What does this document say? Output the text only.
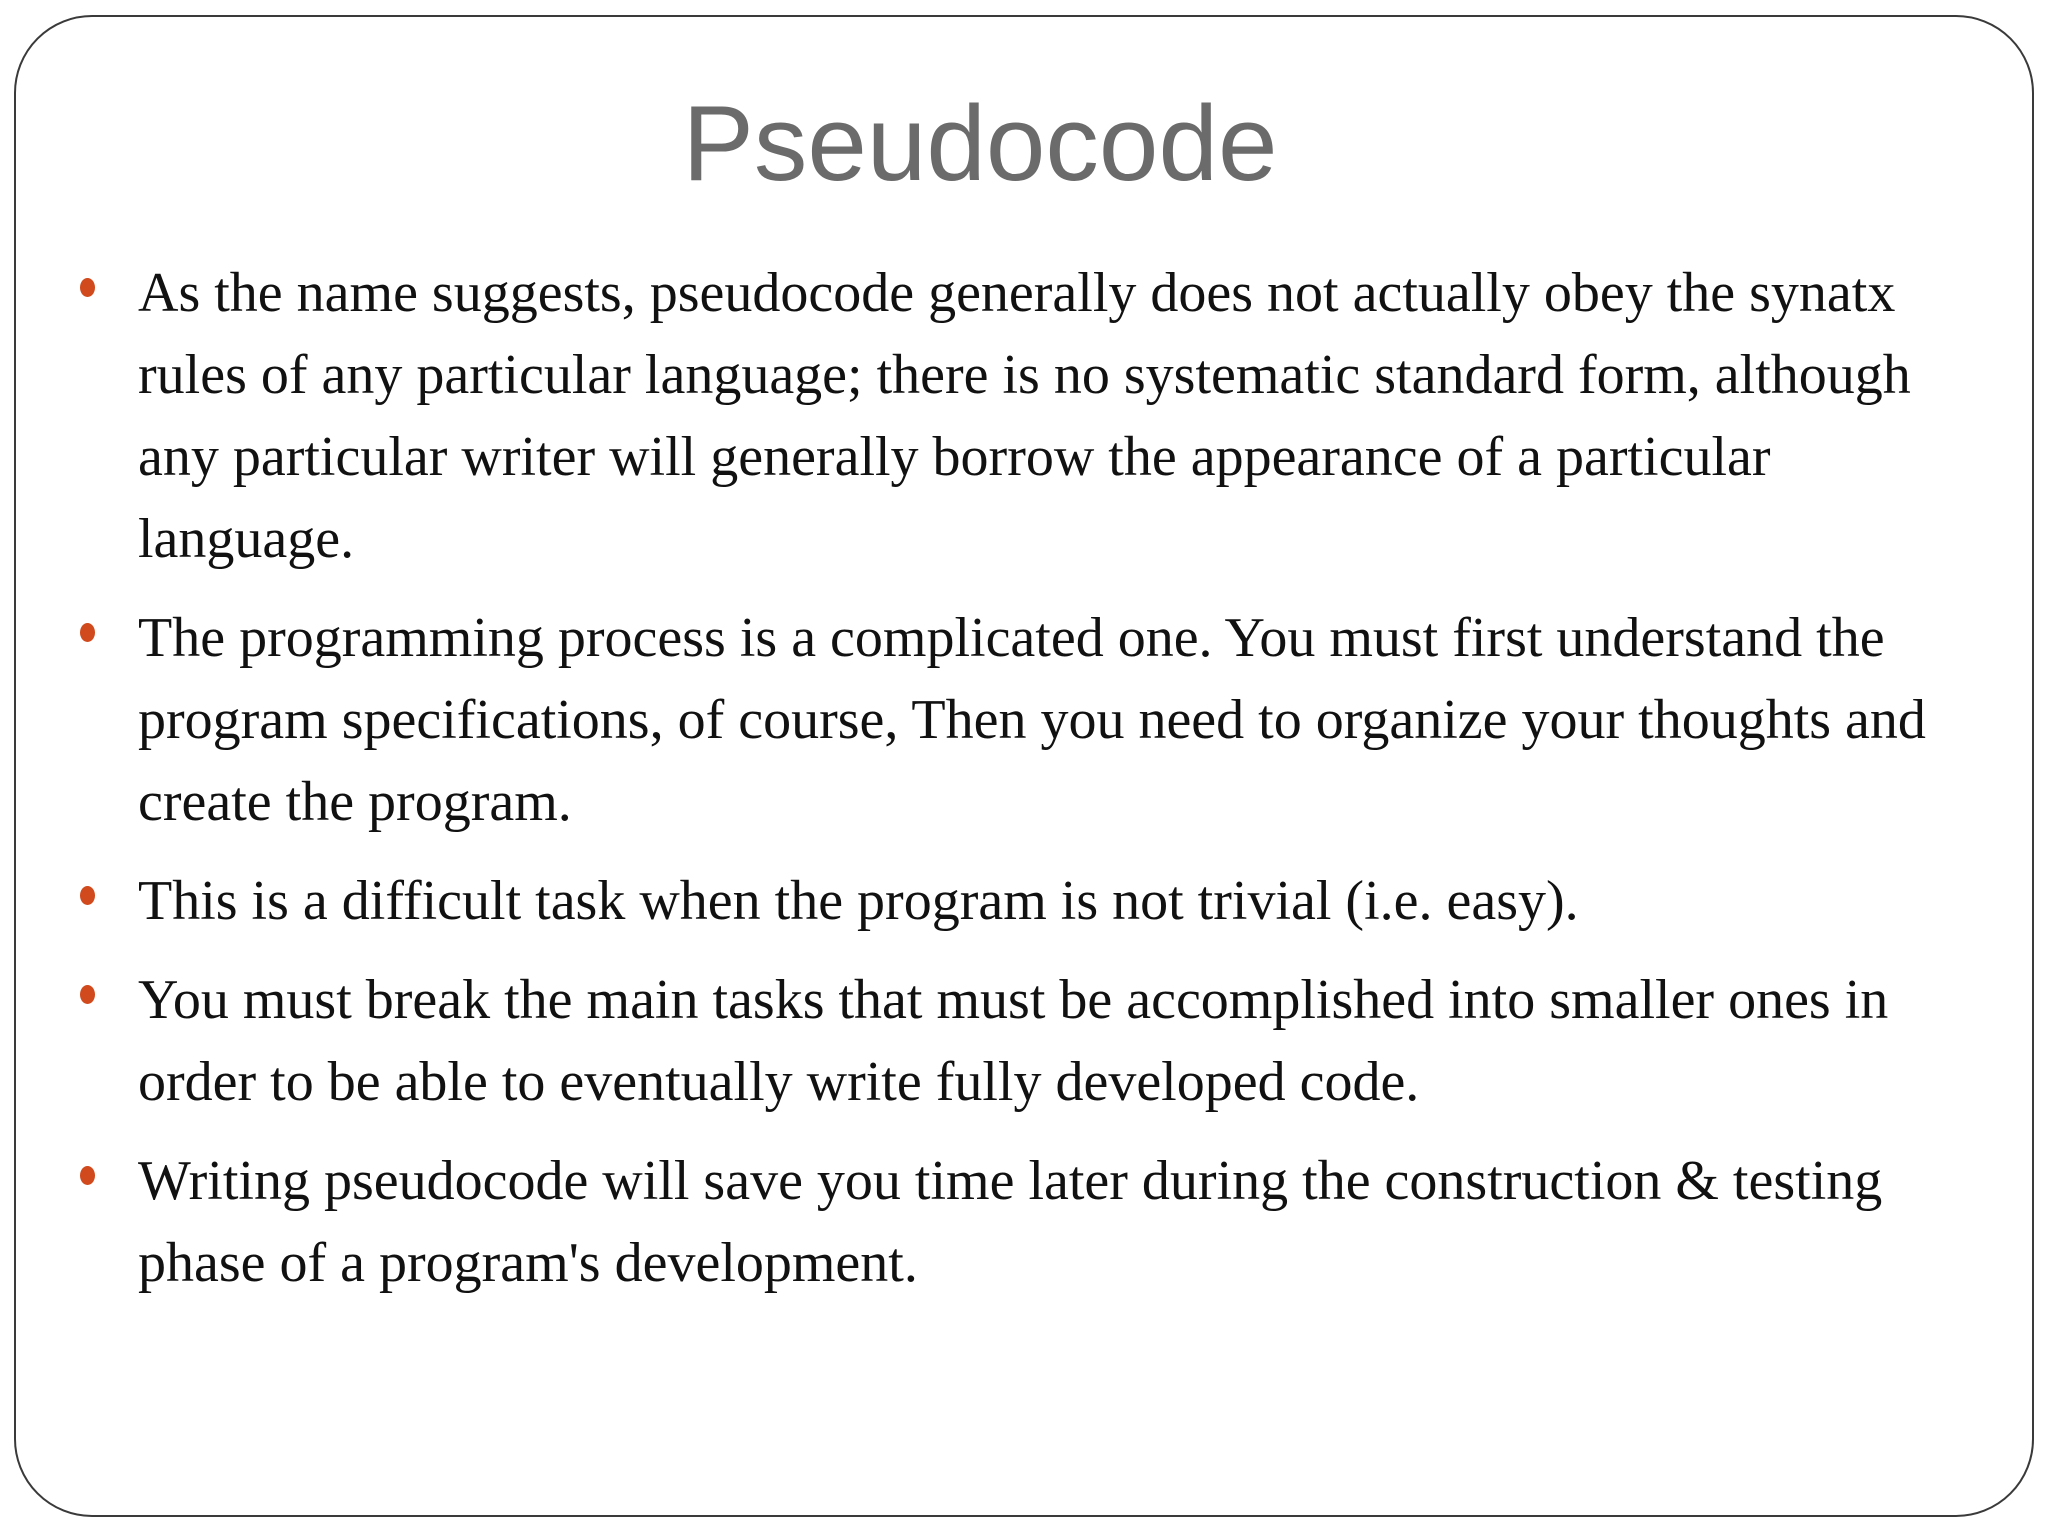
Pseudocode
As the name suggests, pseudocode generally does not actually obey the synatx rules of any particular language; there is no systematic standard form, although any particular writer will generally borrow the appearance of a particular language.
The programming process is a complicated one. You must first understand the program specifications, of course, Then you need to organize your thoughts and create the program.
This is a difficult task when the program is not trivial (i.e. easy).
You must break the main tasks that must be accomplished into smaller ones in order to be able to eventually write fully developed code.
Writing pseudocode will save you time later during the construction & testing phase of a program's development.
